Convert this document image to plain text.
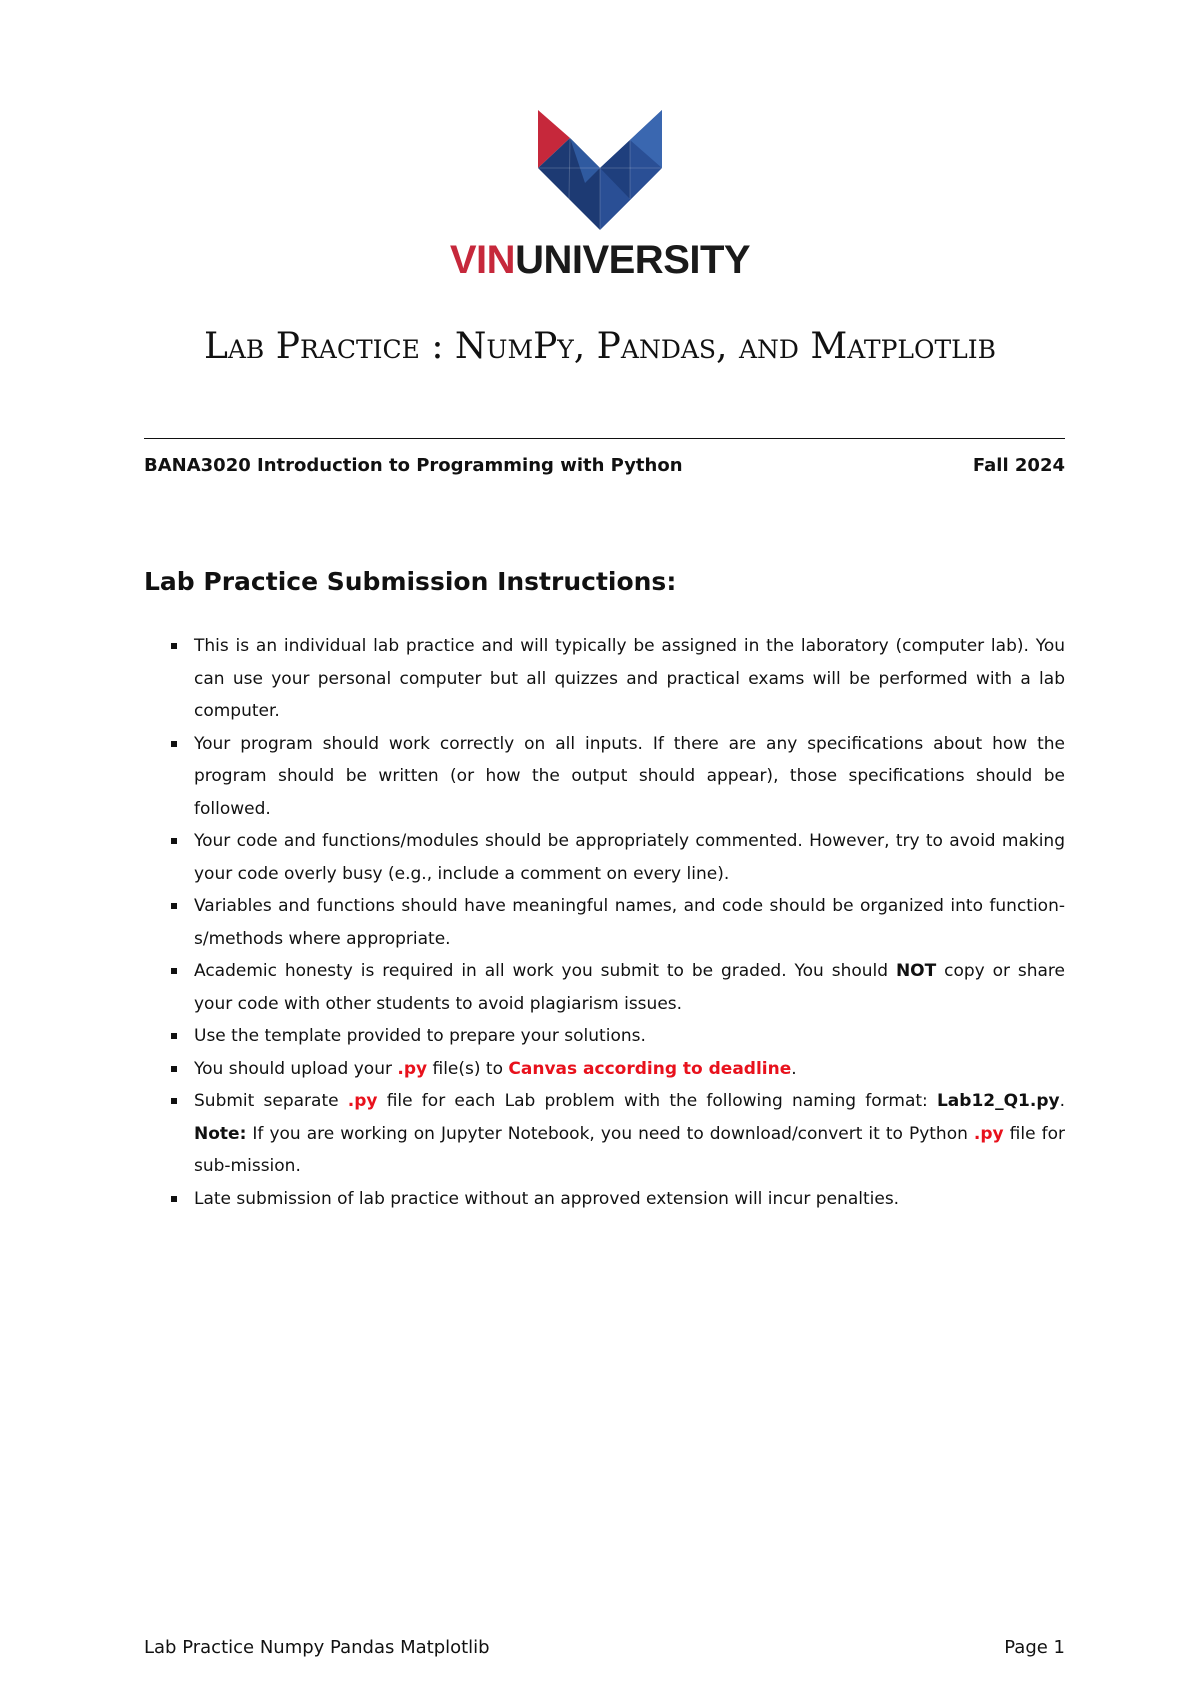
VINUNIVERSITY
Lab Practice : NumPy, Pandas, and Matplotlib
BANA3020 Introduction to Programming with Python	Fall 2024
Lab Practice Submission Instructions:
This is an individual lab practice and will typically be assigned in the laboratory (computer lab). You can use your personal computer but all quizzes and practical exams will be performed with a lab computer.
Your program should work correctly on all inputs. If there are any specifications about how the program should be written (or how the output should appear), those specifications should be followed.
Your code and functions/modules should be appropriately commented. However, try to avoid making your code overly busy (e.g., include a comment on every line).
Variables and functions should have meaningful names, and code should be organized into function-s/methods where appropriate.
Academic honesty is required in all work you submit to be graded. You should NOT copy or share your code with other students to avoid plagiarism issues.
Use the template provided to prepare your solutions.
You should upload your .py file(s) to Canvas according to deadline.
Submit separate .py file for each Lab problem with the following naming format: Lab12_Q1.py. Note: If you are working on Jupyter Notebook, you need to download/convert it to Python .py file for sub-mission.
Late submission of lab practice without an approved extension will incur penalties.
Lab Practice Numpy Pandas Matplotlib	Page 1
